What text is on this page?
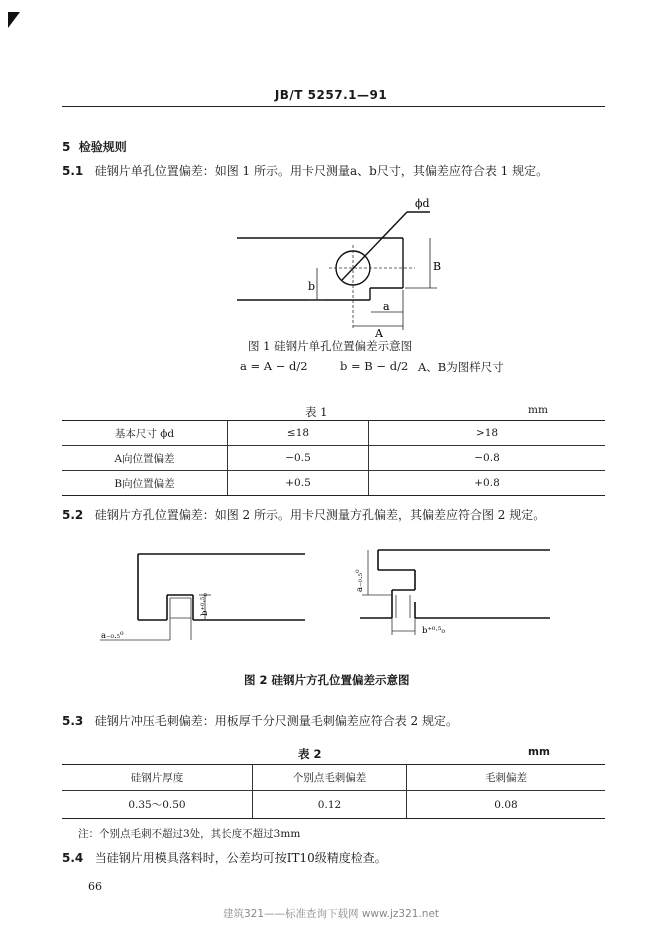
JB/T 5257.1—91
5 检验规则
5.1 硅钢片单孔位置偏差：如图 1 所示。用卡尺测量a、b尺寸，其偏差应符合表 1 规定。
ϕd
b
B
a
A
图 1 硅钢片单孔位置偏差示意图
a = A − d/2	b = B − d/2 A、B为图样尺寸
表 1	mm
基本尺寸 ϕd	≤18	>18
A向位置偏差	−0.5	−0.8
B向位置偏差	+0.5	+0.8
5.2 硅钢片方孔位置偏差：如图 2 所示。用卡尺测量方孔偏差，其偏差应符合图 2 规定。
b⁺⁰·⁵₀
a₋₀.₅⁰
a₋₀.₅⁰
b⁺⁰·⁵₀
图 2 硅钢片方孔位置偏差示意图
5.3 硅钢片冲压毛刺偏差：用板厚千分尺测量毛刺偏差应符合表 2 规定。
表 2	mm
硅钢片厚度	个别点毛刺偏差	毛刺偏差
0.35～0.50	0.12	0.08
注：个别点毛刺不超过3处，其长度不超过3mm
5.4 当硅钢片用模具落料时，公差均可按IT10级精度检查。
66
建筑321——标准查询下载网 www.jz321.net
